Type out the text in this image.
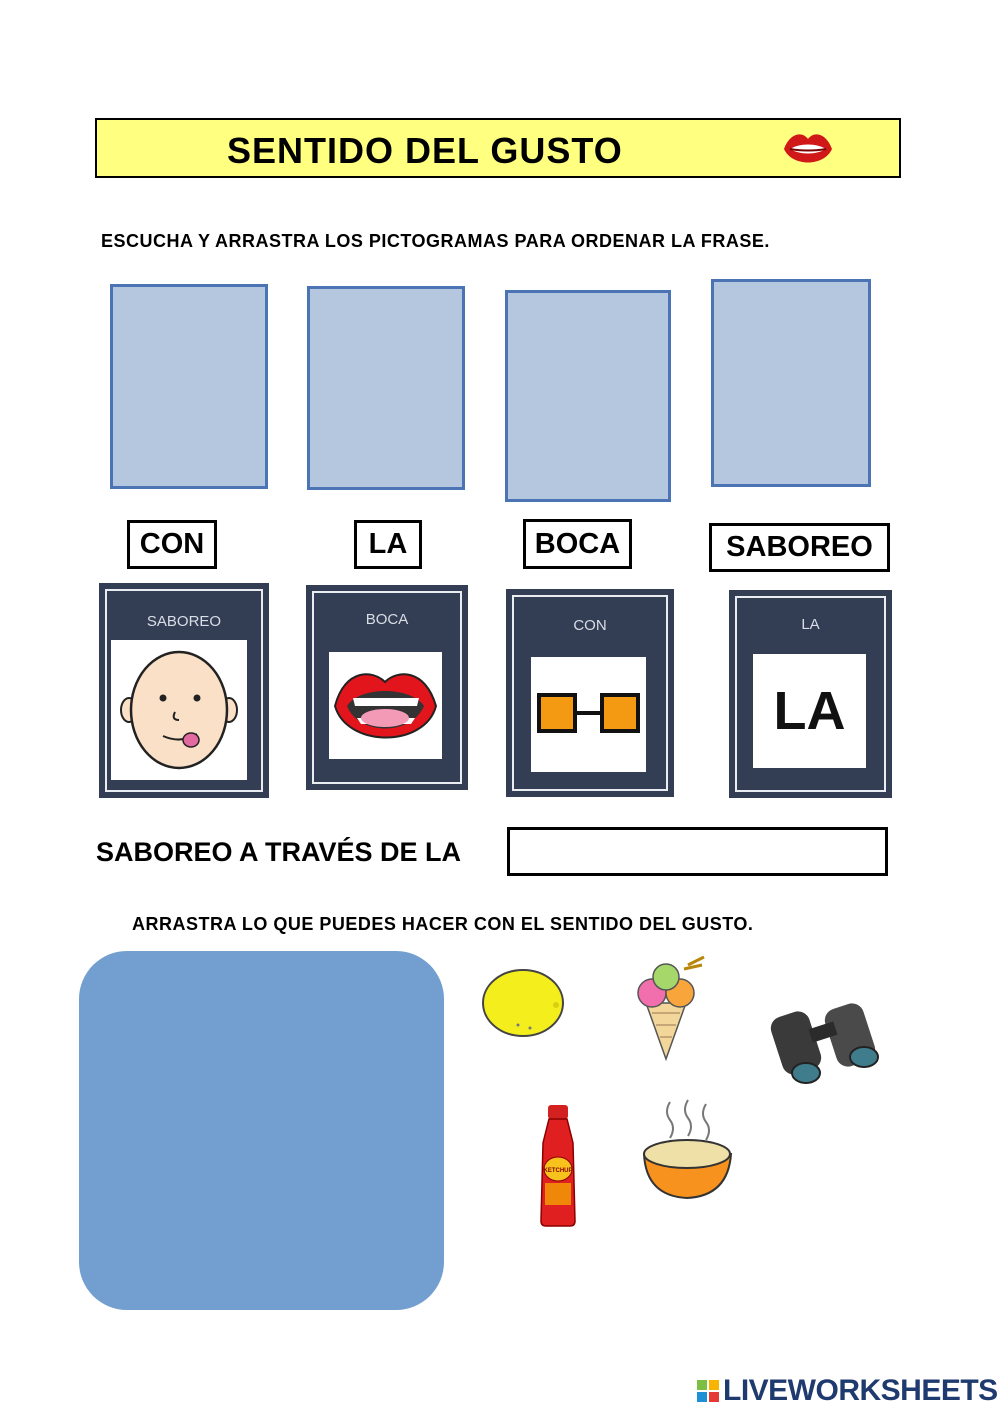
SENTIDO DEL GUSTO
ESCUCHA Y ARRASTRA LOS PICTOGRAMAS PARA ORDENAR LA FRASE.
CON	LA	BOCA	SABOREO
SABOREO	BOCA	CON	LA
LA
SABOREO A TRAVÉS DE LA
ARRASTRA LO QUE PUEDES HACER CON EL SENTIDO DEL GUSTO.
KETCHUP
LIVEWORKSHEETS
